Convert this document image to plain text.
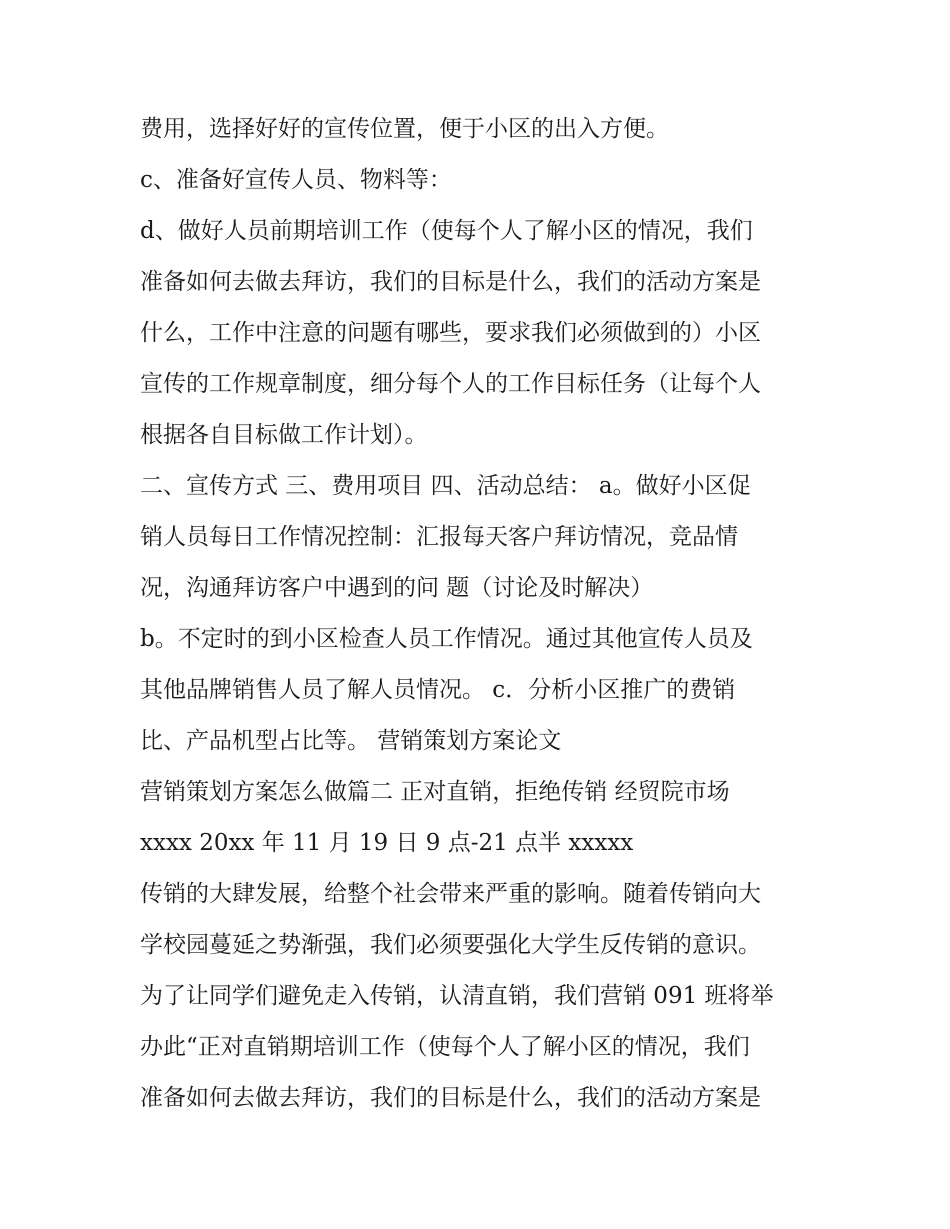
费用，选择好好的宣传位置，便于小区的出入方便。
c、准备好宣传人员、物料等：
d、做好人员前期培训工作（使每个人了解小区的情况，我们
准备如何去做去拜访，我们的目标是什么，我们的活动方案是
什么，工作中注意的问题有哪些，要求我们必须做到的）小区
宣传的工作规章制度，细分每个人的工作目标任务（让每个人
根据各自目标做工作计划）。
二、宣传方式 三、费用项目 四、活动总结： a。做好小区促
销人员每日工作情况控制：汇报每天客户拜访情况，竞品情
况，沟通拜访客户中遇到的问 题（讨论及时解决）
b。不定时的到小区检查人员工作情况。通过其他宣传人员及
其他品牌销售人员了解人员情况。 c．分析小区推广的费销
比、产品机型占比等。 营销策划方案论文
营销策划方案怎么做篇二 正对直销，拒绝传销 经贸院市场
xxxx 20xx 年 11 月 19 日 9 点-21 点半 xxxxx
传销的大肆发展，给整个社会带来严重的影响。随着传销向大
学校园蔓延之势渐强，我们必须要强化大学生反传销的意识。
为了让同学们避免走入传销，认清直销，我们营销 091 班将举
办此“正对直销期培训工作（使每个人了解小区的情况，我们
准备如何去做去拜访，我们的目标是什么，我们的活动方案是
